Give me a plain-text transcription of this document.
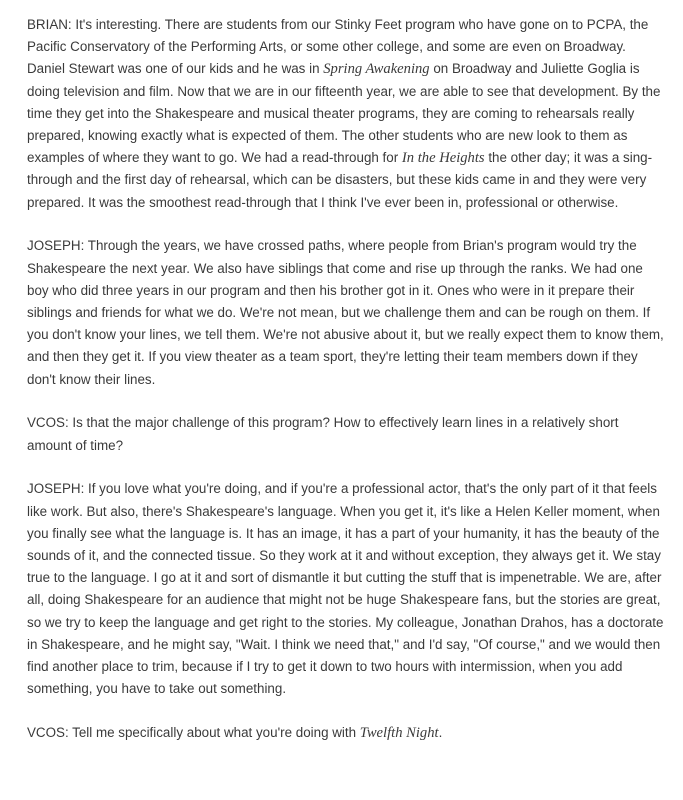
BRIAN: It's interesting. There are students from our Stinky Feet program who have gone on to PCPA, the Pacific Conservatory of the Performing Arts, or some other college, and some are even on Broadway. Daniel Stewart was one of our kids and he was in Spring Awakening on Broadway and Juliette Goglia is doing television and film. Now that we are in our fifteenth year, we are able to see that development. By the time they get into the Shakespeare and musical theater programs, they are coming to rehearsals really prepared, knowing exactly what is expected of them. The other students who are new look to them as examples of where they want to go. We had a read-through for In the Heights the other day; it was a sing-through and the first day of rehearsal, which can be disasters, but these kids came in and they were very prepared. It was the smoothest read-through that I think I've ever been in, professional or otherwise.

JOSEPH: Through the years, we have crossed paths, where people from Brian's program would try the Shakespeare the next year. We also have siblings that come and rise up through the ranks. We had one boy who did three years in our program and then his brother got in it. Ones who were in it prepare their siblings and friends for what we do. We're not mean, but we challenge them and can be rough on them. If you don't know your lines, we tell them. We're not abusive about it, but we really expect them to know them, and then they get it. If you view theater as a team sport, they're letting their team members down if they don't know their lines.

VCOS: Is that the major challenge of this program? How to effectively learn lines in a relatively short amount of time?

JOSEPH: If you love what you're doing, and if you're a professional actor, that's the only part of it that feels like work. But also, there's Shakespeare's language. When you get it, it's like a Helen Keller moment, when you finally see what the language is. It has an image, it has a part of your humanity, it has the beauty of the sounds of it, and the connected tissue. So they work at it and without exception, they always get it. We stay true to the language. I go at it and sort of dismantle it but cutting the stuff that is impenetrable. We are, after all, doing Shakespeare for an audience that might not be huge Shakespeare fans, but the stories are great, so we try to keep the language and get right to the stories. My colleague, Jonathan Drahos, has a doctorate in Shakespeare, and he might say, "Wait. I think we need that," and I'd say, "Of course," and we would then find another place to trim, because if I try to get it down to two hours with intermission, when you add something, you have to take out something.

VCOS: Tell me specifically about what you're doing with Twelfth Night.
